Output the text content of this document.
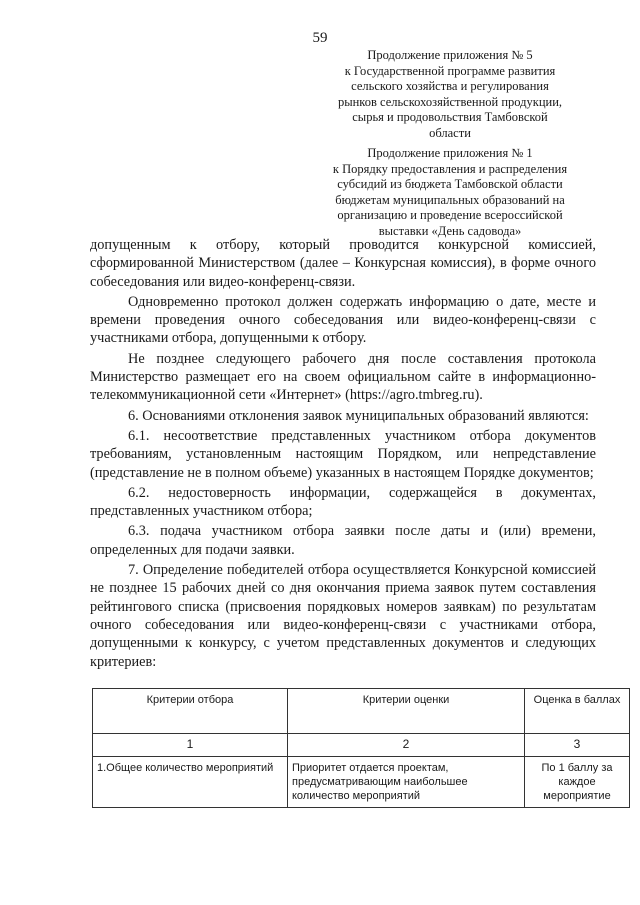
59
Продолжение приложения № 5
к Государственной программе развития
сельского хозяйства и регулирования
рынков сельскохозяйственной продукции,
сырья и продовольствия Тамбовской
области
Продолжение приложения № 1
к Порядку предоставления и распределения
субсидий из бюджета Тамбовской области
бюджетам муниципальных образований на
организацию и проведение всероссийской
выставки «День садовода»

допущенным к отбору, который проводится конкурсной комиссией, сформированной Министерством (далее – Конкурсная комиссия), в форме очного собеседования или видео-конференц-связи.

Одновременно протокол должен содержать информацию о дате, месте и времени проведения очного собеседования или видео-конференц-связи с участниками отбора, допущенными к отбору.

Не позднее следующего рабочего дня после составления протокола Министерство размещает его на своем официальном сайте в информационно-телекоммуникационной сети «Интернет» (https://agro.tmbreg.ru).

6. Основаниями отклонения заявок муниципальных образований являются:

6.1. несоответствие представленных участником отбора документов требованиям, установленным настоящим Порядком, или непредставление (представление не в полном объеме) указанных в настоящем Порядке документов;

6.2. недостоверность информации, содержащейся в документах, представленных участником отбора;

6.3. подача участником отбора заявки после даты и (или) времени, определенных для подачи заявки.

7. Определение победителей отбора осуществляется Конкурсной комиссией не позднее 15 рабочих дней со дня окончания приема заявок путем составления рейтингового списка (присвоения порядковых номеров заявкам) по результатам очного собеседования или видео-конференц-связи с участниками отбора, допущенными к конкурсу, с учетом представленных документов и следующих критериев:

Критерии отбора	Критерии оценки	Оценка в баллах
1	2	3
1.Общее количество мероприятий	Приоритет отдается проектам, предусматривающим наибольшее количество мероприятий	По 1 баллу за каждое мероприятие
